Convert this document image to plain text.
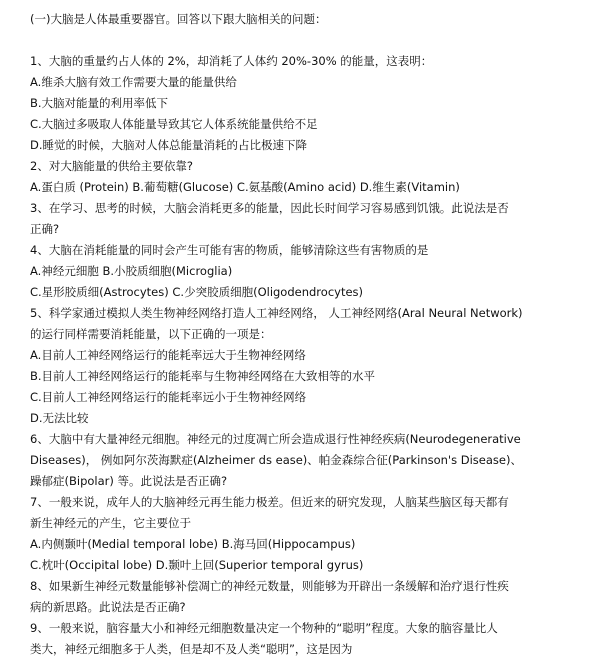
(一)大脑是人体最重要器官。回答以下跟大脑相关的问题：

1、大脑的重量约占人体的 2%，却消耗了人体约 20%-30% 的能量，这表明：

A.维杀大脑有效工作需要大量的能量供给

B.大脑对能量的利用率低下

C.大脑过多吸取人体能量导致其它人体系统能量供给不足

D.睡觉的时候，大脑对人体总能量消耗的占比极速下降

2、对大脑能量的供给主要依靠?

A.蛋白质 (Protein) B.葡萄糖(Glucose) C.氨基酸(Amino acid) D.维生素(Vitamin)

3、在学习、思考的时候，大脑会消耗更多的能量，因此长时间学习容易感到饥饿。此说法是否

正确?

4、大脑在消耗能量的同时会产生可能有害的物质，能够清除这些有害物质的是

A.神经元细胞 B.小胶质细胞(Microglia)

C.星形胶质细(Astrocytes) C.少突胶质细胞(Oligodendrocytes)

5、科学家通过模拟人类生物神经网络打造人工神经网络， 人工神经网络(Aral Neural Network)

的运行同样需要消耗能量，以下正确的一项是：

A.目前人工神经网络运行的能耗率远大于生物神经网络

B.目前人工神经网络运行的能耗率与生物神经网络在大致相等的水平

C.目前人工神经网络运行的能耗率远小于生物神经网络

D.无法比较

6、大脑中有大量神经元细胞。神经元的过度凋亡所会造成退行性神经疾病(Neurodegenerative

Diseases)， 例如阿尔茨海默症(Alzheimer ds ease)、帕金森综合征(Parkinson's Disease)、

躁郁症(Bipolar) 等。此说法是否正确?

7、一般来说，成年人的大脑神经元再生能力极差。但近来的研究发现，人脑某些脑区每天都有

新生神经元的产生，它主要位于

A.内侧颞叶(Medial temporal lobe) B.海马回(Hippocampus)

C.枕叶(Occipital lobe) D.颞叶上回(Superior temporal gyrus)

8、如果新生神经元数量能够补偿凋亡的神经元数量，则能够为开辟出一条缓解和治疗退行性疾

病的新思路。此说法是否正确?

9、一般来说，脑容量大小和神经元细胞数量决定一个物种的“聪明”程度。大象的脑容量比人

类大，神经元细胞多于人类，但是却不及人类“聪明”，这是因为
